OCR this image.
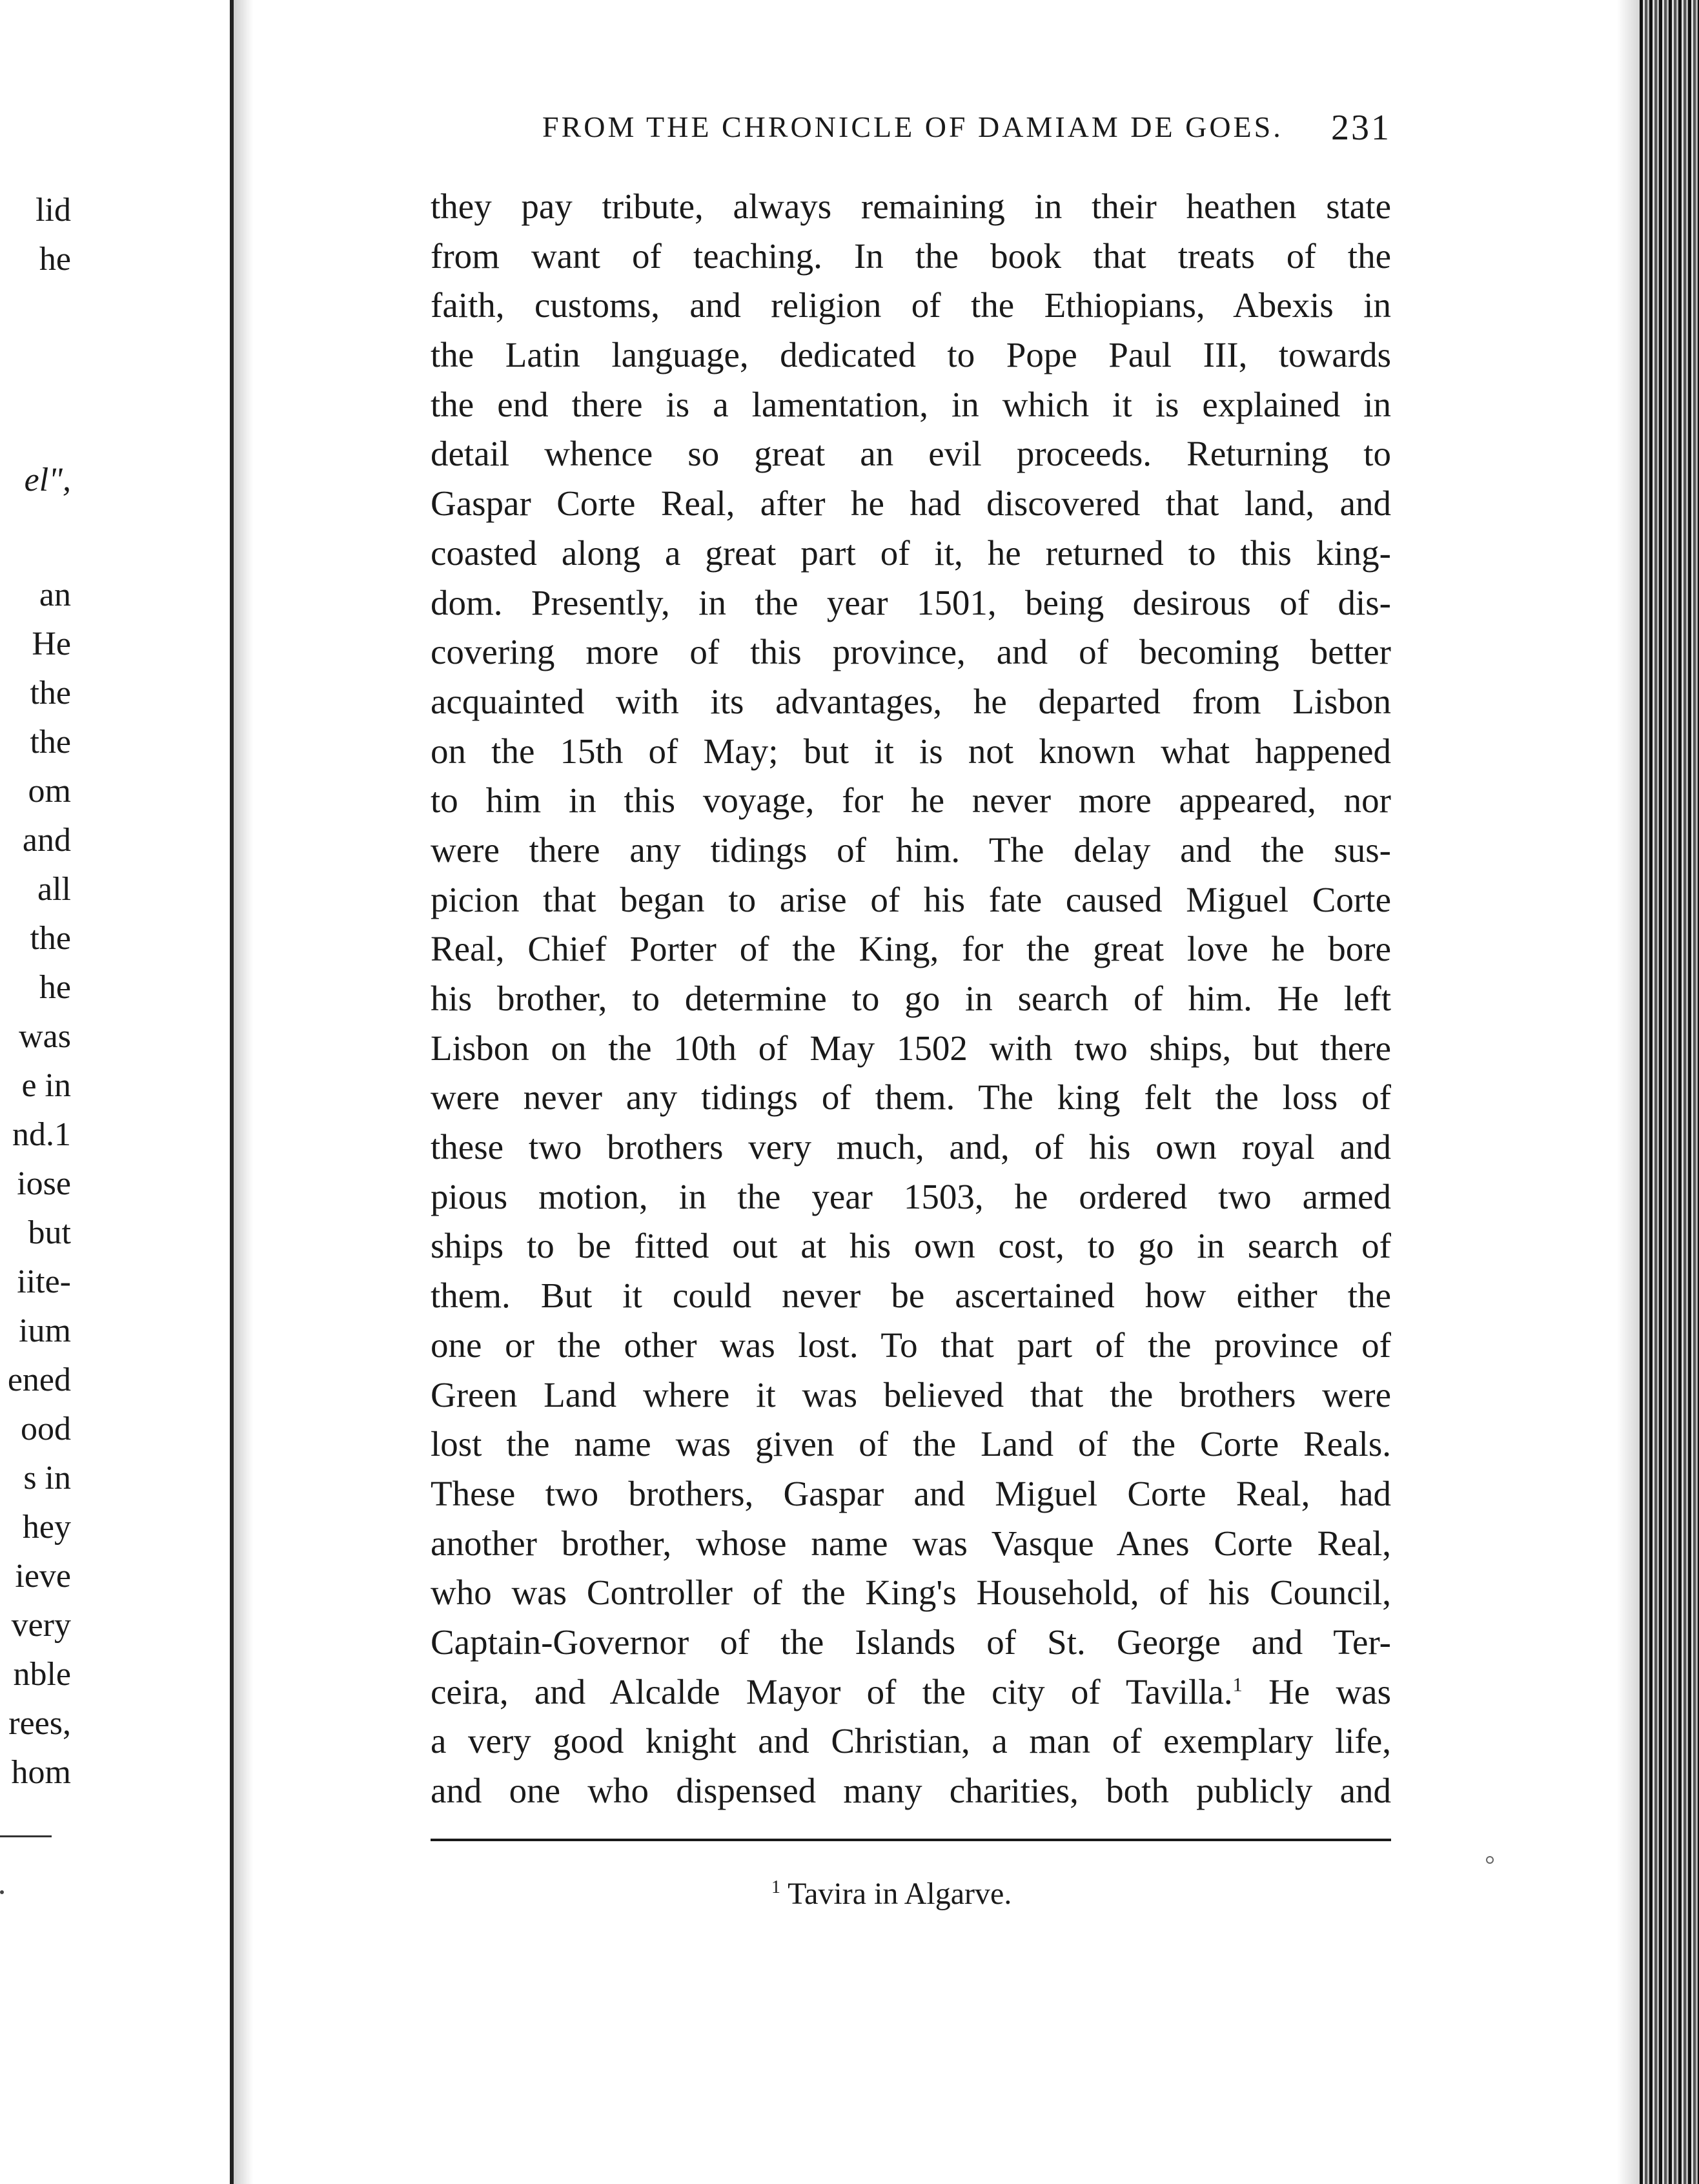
lid
he
el",
an
He
the
the
om
and
all
the
he
was
e in
nd.1
iose
but
iite-
ium
ened
ood
s in
hey
ieve
very
nble
rees,
hom
FROM THE CHRONICLE OF DAMIAM DE GOES.	231
they pay tribute, always remaining in their heathen state
from want of teaching. In the book that treats of the
faith, customs, and religion of the Ethiopians, Abexis in
the Latin language, dedicated to Pope Paul III, towards
the end there is a lamentation, in which it is explained in
detail whence so great an evil proceeds. Returning to
Gaspar Corte Real, after he had discovered that land, and
coasted along a great part of it, he returned to this king-
dom. Presently, in the year 1501, being desirous of dis-
covering more of this province, and of becoming better
acquainted with its advantages, he departed from Lisbon
on the 15th of May; but it is not known what happened
to him in this voyage, for he never more appeared, nor
were there any tidings of him. The delay and the sus-
picion that began to arise of his fate caused Miguel Corte
Real, Chief Porter of the King, for the great love he bore
his brother, to determine to go in search of him. He left
Lisbon on the 10th of May 1502 with two ships, but there
were never any tidings of them. The king felt the loss of
these two brothers very much, and, of his own royal and
pious motion, in the year 1503, he ordered two armed
ships to be fitted out at his own cost, to go in search of
them. But it could never be ascertained how either the
one or the other was lost. To that part of the province of
Green Land where it was believed that the brothers were
lost the name was given of the Land of the Corte Reals.
These two brothers, Gaspar and Miguel Corte Real, had
another brother, whose name was Vasque Anes Corte Real,
who was Controller of the King's Household, of his Council,
Captain-Governor of the Islands of St. George and Ter-
ceira, and Alcalde Mayor of the city of Tavilla.$^1$ He was
a very good knight and Christian, a man of exemplary life,
and one who dispensed many charities, both publicly and
$^1$ Tavira in Algarve.
